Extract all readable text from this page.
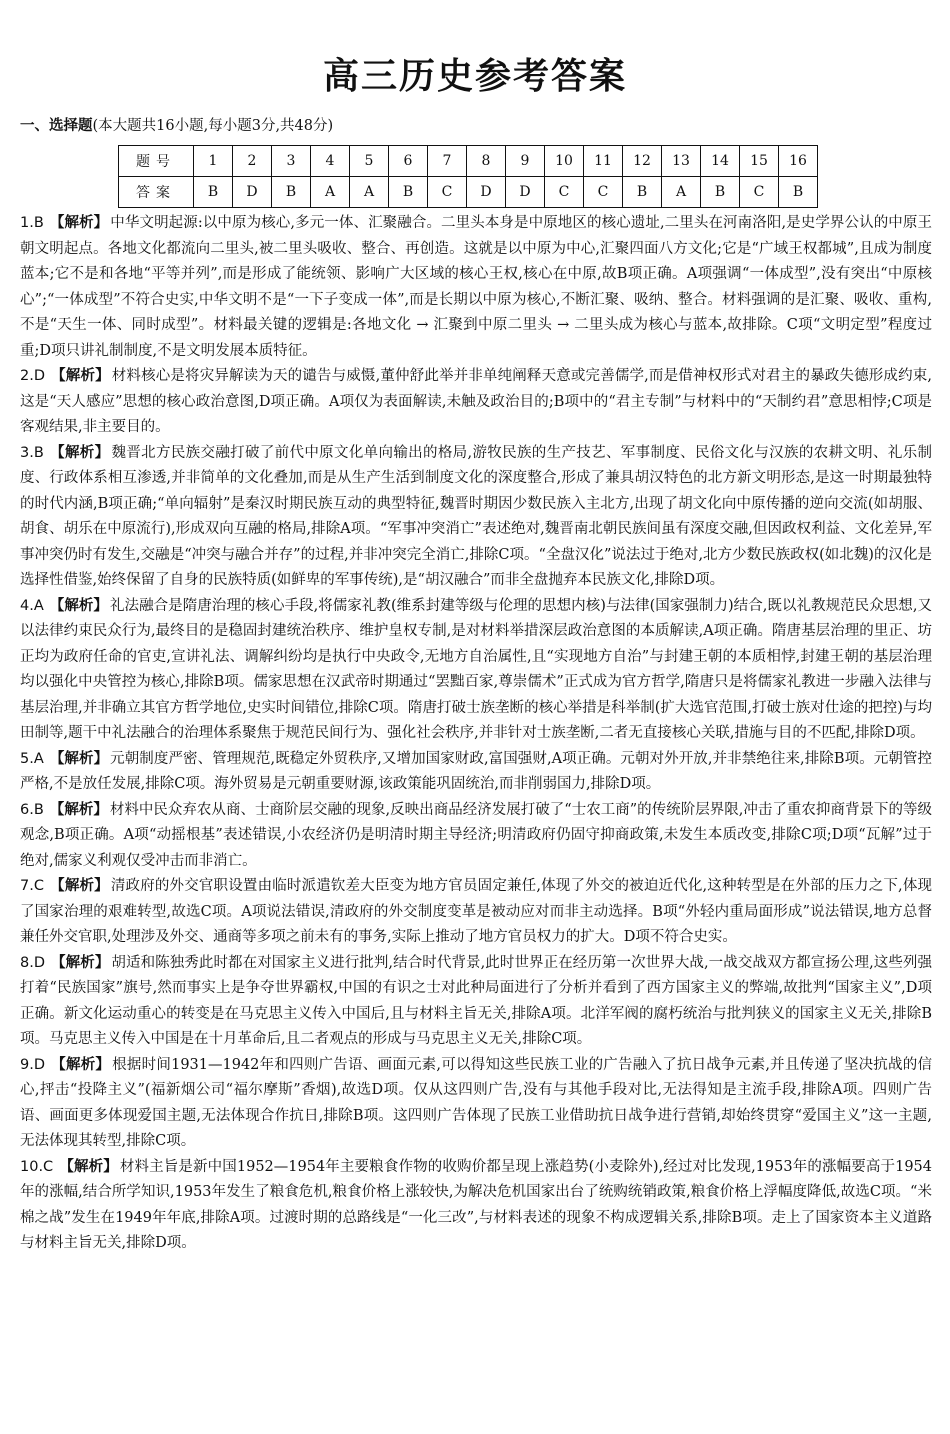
高三历史参考答案
一、选择题(本大题共16小题,每小题3分,共48分)
题号	1	2	3	4	5	6	7	8	9	10	11	12	13	14	15	16
答案	B	D	B	A	A	B	C	D	D	C	C	B	A	B	C	B

1.B 【解析】 中华文明起源:以中原为核心,多元一体、汇聚融合。二里头本身是中原地区的核心遗址,二里头在河南洛阳,是史学界公认的中原王朝文明起点。各地文化都流向二里头,被二里头吸收、整合、再创造。这就是以中原为中心,汇聚四面八方文化;它是“广域王权都城”,且成为制度蓝本;它不是和各地“平等并列”,而是形成了能统领、影响广大区域的核心王权,核心在中原,故B项正确。A项强调“一体成型”,没有突出“中原核心”;“一体成型”不符合史实,中华文明不是“一下子变成一体”,而是长期以中原为核心,不断汇聚、吸纳、整合。材料强调的是汇聚、吸收、重构,不是“天生一体、同时成型”。材料最关键的逻辑是:各地文化 → 汇聚到中原二里头 → 二里头成为核心与蓝本,故排除。C项“文明定型”程度过重;D项只讲礼制制度,不是文明发展本质特征。

2.D 【解析】 材料核心是将灾异解读为天的谴告与威慑,董仲舒此举并非单纯阐释天意或完善儒学,而是借神权形式对君主的暴政失德形成约束,这是“天人感应”思想的核心政治意图,D项正确。A项仅为表面解读,未触及政治目的;B项中的“君主专制”与材料中的“天制约君”意思相悖;C项是客观结果,非主要目的。

3.B 【解析】 魏晋北方民族交融打破了前代中原文化单向输出的格局,游牧民族的生产技艺、军事制度、民俗文化与汉族的农耕文明、礼乐制度、行政体系相互渗透,并非简单的文化叠加,而是从生产生活到制度文化的深度整合,形成了兼具胡汉特色的北方新文明形态,是这一时期最独特的时代内涵,B项正确;“单向辐射”是秦汉时期民族互动的典型特征,魏晋时期因少数民族入主北方,出现了胡文化向中原传播的逆向交流(如胡服、胡食、胡乐在中原流行),形成双向互融的格局,排除A项。“军事冲突消亡”表述绝对,魏晋南北朝民族间虽有深度交融,但因政权利益、文化差异,军事冲突仍时有发生,交融是“冲突与融合并存”的过程,并非冲突完全消亡,排除C项。“全盘汉化”说法过于绝对,北方少数民族政权(如北魏)的汉化是选择性借鉴,始终保留了自身的民族特质(如鲜卑的军事传统),是“胡汉融合”而非全盘抛弃本民族文化,排除D项。

4.A 【解析】 礼法融合是隋唐治理的核心手段,将儒家礼教(维系封建等级与伦理的思想内核)与法律(国家强制力)结合,既以礼教规范民众思想,又以法律约束民众行为,最终目的是稳固封建统治秩序、维护皇权专制,是对材料举措深层政治意图的本质解读,A项正确。隋唐基层治理的里正、坊正均为政府任命的官吏,宣讲礼法、调解纠纷均是执行中央政令,无地方自治属性,且“实现地方自治”与封建王朝的本质相悖,封建王朝的基层治理均以强化中央管控为核心,排除B项。儒家思想在汉武帝时期通过“罢黜百家,尊崇儒术”正式成为官方哲学,隋唐只是将儒家礼教进一步融入法律与基层治理,并非确立其官方哲学地位,史实时间错位,排除C项。隋唐打破士族垄断的核心举措是科举制(扩大选官范围,打破士族对仕途的把控)与均田制等,题干中礼法融合的治理体系聚焦于规范民间行为、强化社会秩序,并非针对士族垄断,二者无直接核心关联,措施与目的不匹配,排除D项。

5.A 【解析】 元朝制度严密、管理规范,既稳定外贸秩序,又增加国家财政,富国强财,A项正确。元朝对外开放,并非禁绝往来,排除B项。元朝管控严格,不是放任发展,排除C项。海外贸易是元朝重要财源,该政策能巩固统治,而非削弱国力,排除D项。

6.B 【解析】 材料中民众弃农从商、士商阶层交融的现象,反映出商品经济发展打破了“士农工商”的传统阶层界限,冲击了重农抑商背景下的等级观念,B项正确。A项“动摇根基”表述错误,小农经济仍是明清时期主导经济;明清政府仍固守抑商政策,未发生本质改变,排除C项;D项“瓦解”过于绝对,儒家义利观仅受冲击而非消亡。

7.C 【解析】 清政府的外交官职设置由临时派遣钦差大臣变为地方官员固定兼任,体现了外交的被迫近代化,这种转型是在外部的压力之下,体现了国家治理的艰难转型,故选C项。A项说法错误,清政府的外交制度变革是被动应对而非主动选择。B项“外轻内重局面形成”说法错误,地方总督兼任外交官职,处理涉及外交、通商等多项之前未有的事务,实际上推动了地方官员权力的扩大。D项不符合史实。

8.D 【解析】 胡适和陈独秀此时都在对国家主义进行批判,结合时代背景,此时世界正在经历第一次世界大战,一战交战双方都宣扬公理,这些列强打着“民族国家”旗号,然而事实上是争夺世界霸权,中国的有识之士对此种局面进行了分析并看到了西方国家主义的弊端,故批判“国家主义”,D项正确。新文化运动重心的转变是在马克思主义传入中国后,且与材料主旨无关,排除A项。北洋军阀的腐朽统治与批判狭义的国家主义无关,排除B项。马克思主义传入中国是在十月革命后,且二者观点的形成与马克思主义无关,排除C项。

9.D 【解析】 根据时间1931—1942年和四则广告语、画面元素,可以得知这些民族工业的广告融入了抗日战争元素,并且传递了坚决抗战的信心,抨击“投降主义”(福新烟公司“福尔摩斯”香烟),故选D项。仅从这四则广告,没有与其他手段对比,无法得知是主流手段,排除A项。四则广告语、画面更多体现爱国主题,无法体现合作抗日,排除B项。这四则广告体现了民族工业借助抗日战争进行营销,却始终贯穿“爱国主义”这一主题,无法体现其转型,排除C项。

10.C 【解析】 材料主旨是新中国1952—1954年主要粮食作物的收购价都呈现上涨趋势(小麦除外),经过对比发现,1953年的涨幅要高于1954年的涨幅,结合所学知识,1953年发生了粮食危机,粮食价格上涨较快,为解决危机国家出台了统购统销政策,粮食价格上浮幅度降低,故选C项。“米棉之战”发生在1949年年底,排除A项。过渡时期的总路线是“一化三改”,与材料表述的现象不构成逻辑关系,排除B项。走上了国家资本主义道路与材料主旨无关,排除D项。
